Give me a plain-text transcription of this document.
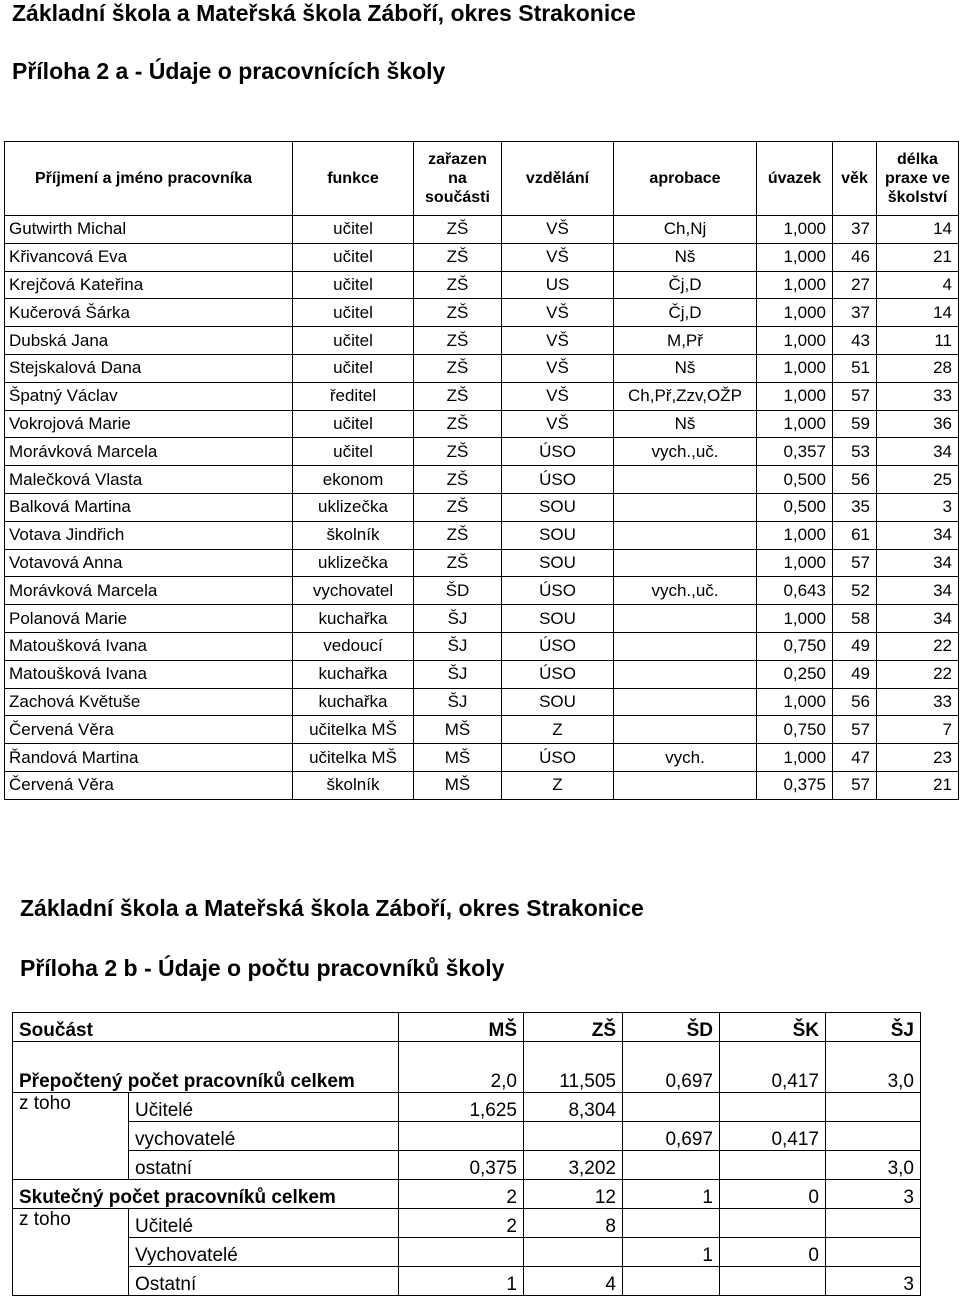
Základní škola a Mateřská škola Záboří, okres Strakonice
Příloha 2 a - Údaje o pracovnících školy
Příjmení a jméno pracovníka	funkce	zařazen na součásti	vzdělání	aprobace	úvazek	věk	délka praxe ve školství
Gutwirth Michal	učitel	ZŠ	VŠ	Ch,Nj	1,000	37	14
Křivancová Eva	učitel	ZŠ	VŠ	Nš	1,000	46	21
Krejčová Kateřina	učitel	ZŠ	US	Čj,D	1,000	27	4
Kučerová Šárka	učitel	ZŠ	VŠ	Čj,D	1,000	37	14
Dubská Jana	učitel	ZŠ	VŠ	M,Př	1,000	43	11
Stejskalová Dana	učitel	ZŠ	VŠ	Nš	1,000	51	28
Špatný Václav	ředitel	ZŠ	VŠ	Ch,Př,Zzv,OŽP	1,000	57	33
Vokrojová Marie	učitel	ZŠ	VŠ	Nš	1,000	59	36
Morávková Marcela	učitel	ZŠ	ÚSO	vych.,uč.	0,357	53	34
Malečková Vlasta	ekonom	ZŠ	ÚSO		0,500	56	25
Balková Martina	uklizečka	ZŠ	SOU		0,500	35	3
Votava Jindřich	školník	ZŠ	SOU		1,000	61	34
Votavová Anna	uklizečka	ZŠ	SOU		1,000	57	34
Morávková Marcela	vychovatel	ŠD	ÚSO	vych.,uč.	0,643	52	34
Polanová Marie	kuchařka	ŠJ	SOU		1,000	58	34
Matoušková Ivana	vedoucí	ŠJ	ÚSO		0,750	49	22
Matoušková Ivana	kuchařka	ŠJ	ÚSO		0,250	49	22
Zachová Květuše	kuchařka	ŠJ	SOU		1,000	56	33
Červená Věra	učitelka MŠ	MŠ	Z		0,750	57	7
Řandová Martina	učitelka MŠ	MŠ	ÚSO	vych.	1,000	47	23
Červená Věra	školník	MŠ	Z		0,375	57	21
Základní škola a Mateřská škola Záboří, okres Strakonice
Příloha 2 b - Údaje o počtu pracovníků školy
Součást		MŠ	ZŠ	ŠD	ŠK	ŠJ
Přepočtený počet pracovníků celkem		2,0	11,505	0,697	0,417	3,0
z toho	Učitelé	1,625	8,304			
	vychovatelé			0,697	0,417	
	ostatní	0,375	3,202			3,0
Skutečný počet pracovníků celkem		2	12	1	0	3
z toho	Učitelé	2	8			
	Vychovatelé			1	0	
	Ostatní	1	4			3
